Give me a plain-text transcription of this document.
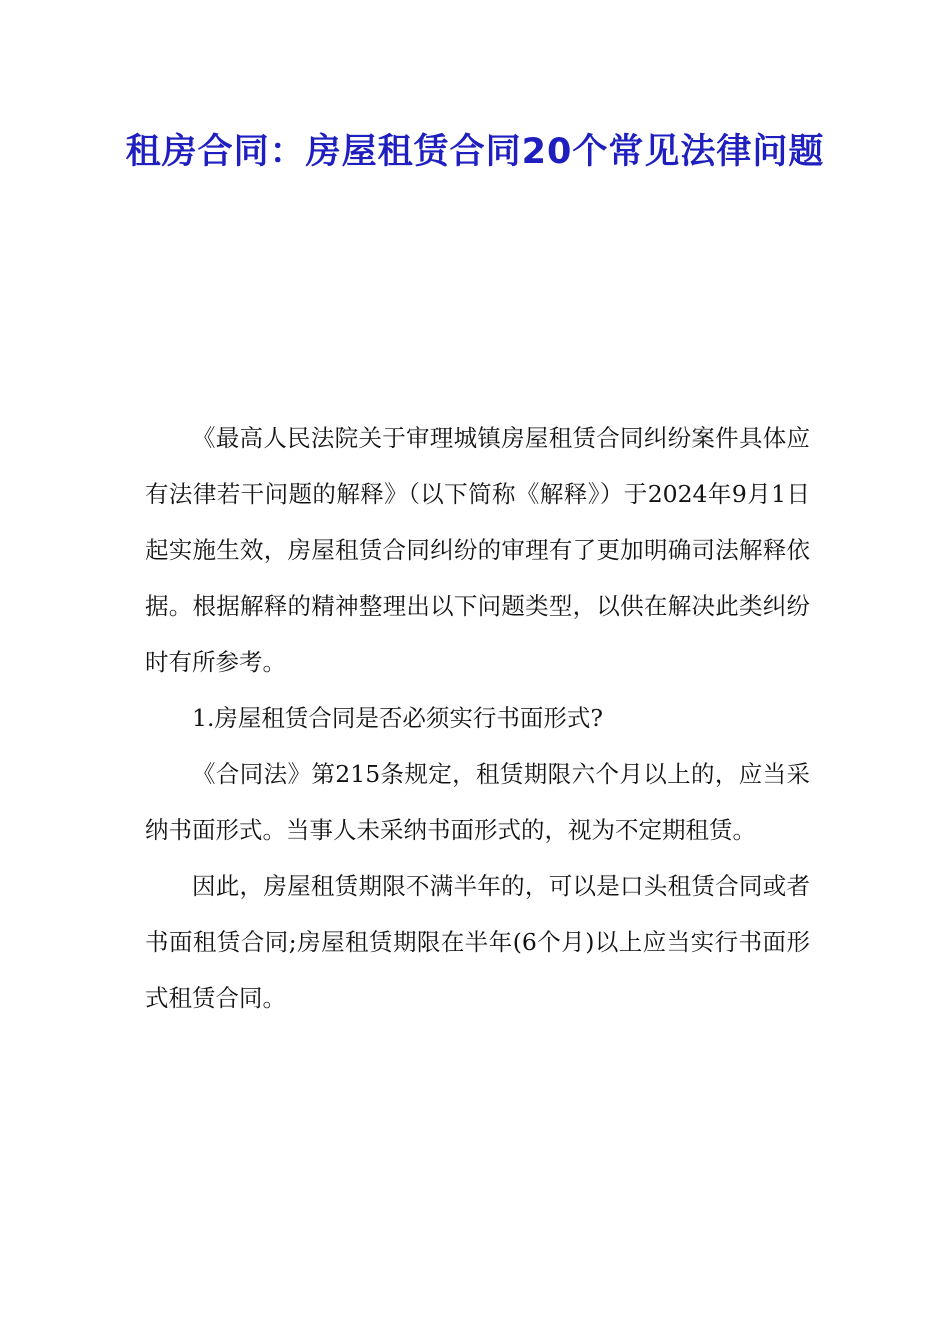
租房合同：房屋租赁合同20个常见法律问题

《最高人民法院关于审理城镇房屋租赁合同纠纷案件具体应有法律若干问题的解释》（以下简称《解释》）于2024年9月1日起实施生效，房屋租赁合同纠纷的审理有了更加明确司法解释依据。根据解释的精神整理出以下问题类型，以供在解决此类纠纷时有所参考。

1.房屋租赁合同是否必须实行书面形式?

《合同法》第215条规定，租赁期限六个月以上的，应当采纳书面形式。当事人未采纳书面形式的，视为不定期租赁。

因此，房屋租赁期限不满半年的，可以是口头租赁合同或者书面租赁合同;房屋租赁期限在半年(6个月)以上应当实行书面形式租赁合同。
